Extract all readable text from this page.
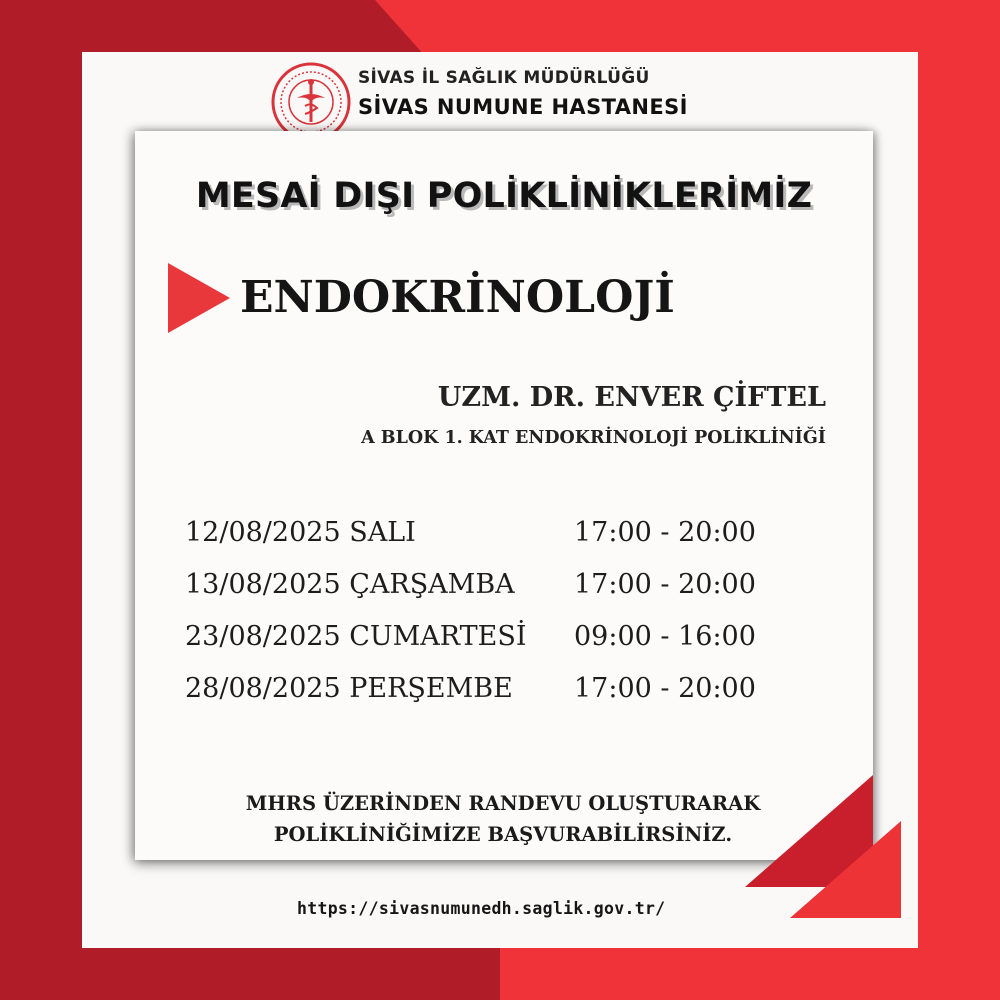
SİVAS İL SAĞLIK MÜDÜRLÜĞÜ
SİVAS NUMUNE HASTANESİ
MESAİ DIŞI POLİKLİNİKLERİMİZ
ENDOKRİNOLOJİ
UZM. DR. ENVER ÇİFTEL
A BLOK 1. KAT ENDOKRİNOLOJİ POLİKLİNİĞİ
12/08/2025 SALI	17:00 - 20:00
13/08/2025 ÇARŞAMBA 17:00 - 20:00
23/08/2025 CUMARTESİ 09:00 - 16:00
28/08/2025 PERŞEMBE 17:00 - 20:00
MHRS ÜZERİNDEN RANDEVU OLUŞTURARAK
POLİKLİNİĞİMİZE BAŞVURABİLİRSİNİZ.
https://sivasnumunedh.saglik.gov.tr/
